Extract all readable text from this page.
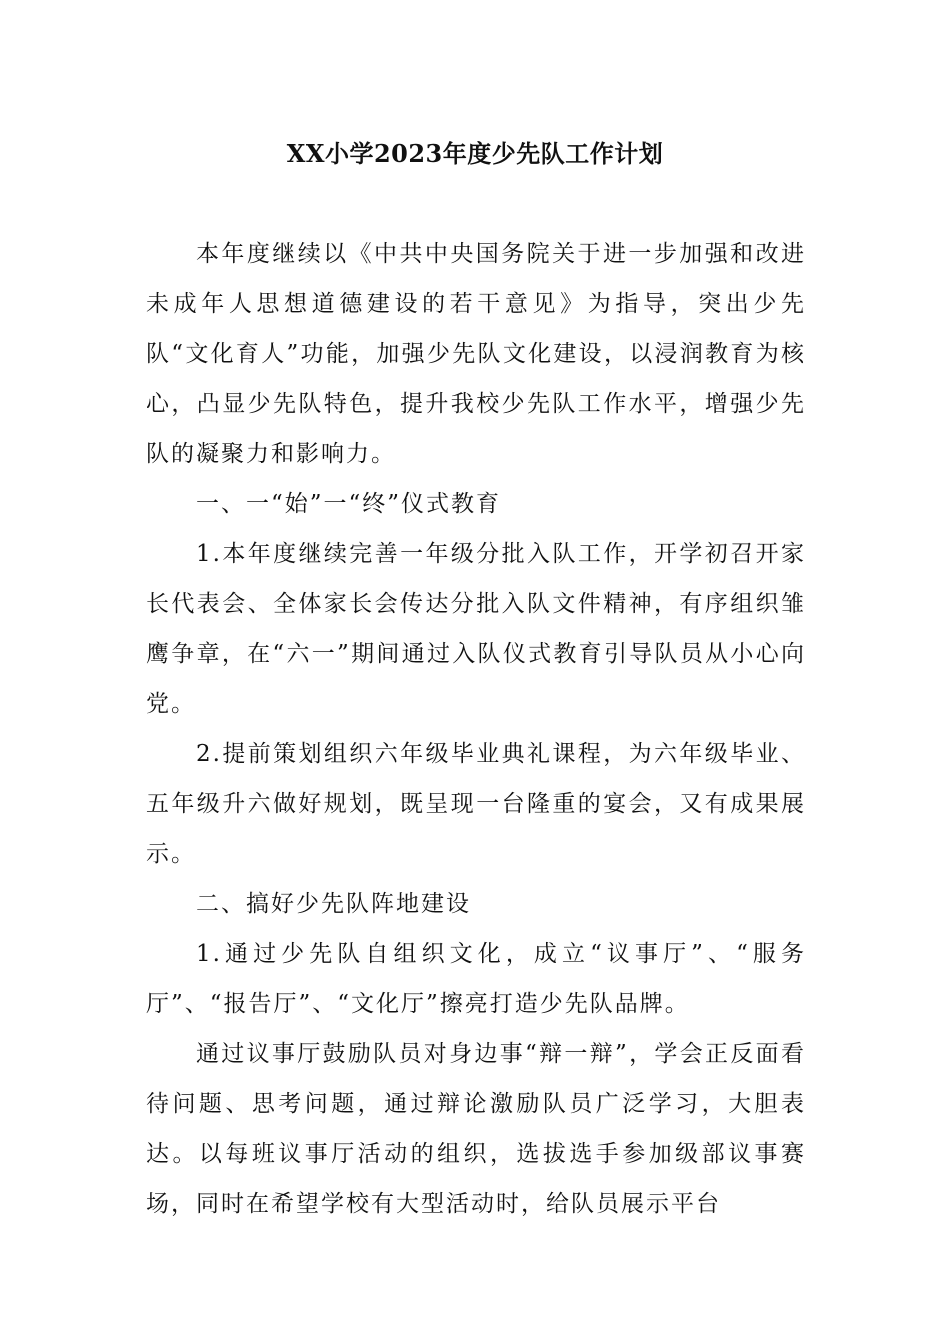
XX小学2023年度少先队工作计划

本年度继续以《中共中央国务院关于进一步加强和改进未成年人思想道德建设的若干意见》为指导，突出少先队“文化育人”功能，加强少先队文化建设，以浸润教育为核心，凸显少先队特色，提升我校少先队工作水平，增强少先队的凝聚力和影响力。

一、一“始”一“终”仪式教育

1.本年度继续完善一年级分批入队工作，开学初召开家长代表会、全体家长会传达分批入队文件精神，有序组织雏鹰争章，在“六一”期间通过入队仪式教育引导队员从小心向党。

2.提前策划组织六年级毕业典礼课程，为六年级毕业、五年级升六做好规划，既呈现一台隆重的宴会，又有成果展示。

二、搞好少先队阵地建设

1.通过少先队自组织文化，成立“议事厅”、“服务厅”、“报告厅”、“文化厅”擦亮打造少先队品牌。

通过议事厅鼓励队员对身边事“辩一辩”，学会正反面看待问题、思考问题，通过辩论激励队员广泛学习，大胆表达。以每班议事厅活动的组织，选拔选手参加级部议事赛场，同时在希望学校有大型活动时，给队员展示平台
